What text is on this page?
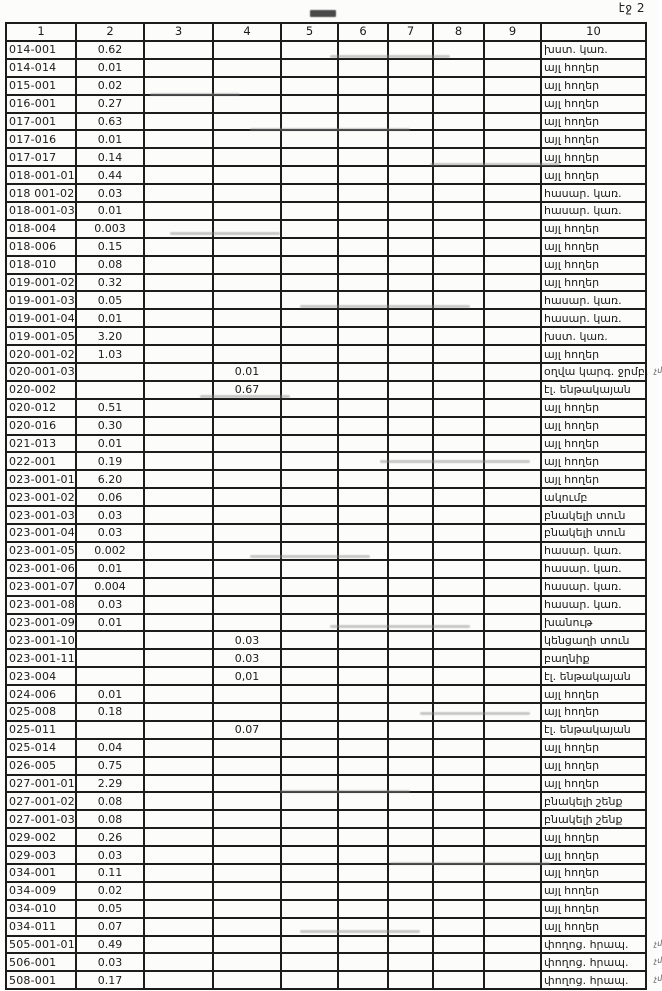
էջ 2
1	2	3	4	5	6	7	8	9	10
014-001	0.62								խստ. կառ.

014-014	0.01								այլ հողեր

015-001	0.02								այլ հողեր

016-001	0.27								այլ հողեր

017-001	0.63								այլ հողեր

017-016	0.01								այլ հողեր

017-017	0.14								այլ հողեր

018-001-01	0.44								այլ հողեր

018 001-02	0.03								հասար. կառ.

018-001-03	0.01								հասար. կառ.

018-004	0.003								այլ հողեր

018-006	0.15								այլ հողեր

018-010	0.08								այլ հողեր

019-001-02	0.32								այլ հողեր

019-001-03	0.05								հասար. կառ.

019-001-04	0.01								հասար. կառ.

019-001-05	3.20								խստ. կառ.

020-001-02	1.03								այլ հողեր

020-001-03			0.01						օղվա կարգ. ջրմբ. չմ

020-002			0.67						էլ. ենթակայան

020-012	0.51								այլ հողեր

020-016	0.30								այլ հողեր

021-013	0.01								այլ հողեր

022-001	0.19								այլ հողեր

023-001-01	6.20								այլ հողեր

023-001-02	0.06								ակումբ

023-001-03	0.03								բնակելի տուն

023-001-04	0.03								բնակելի տուն

023-001-05	0.002								հասար. կառ.

023-001-06	0.01								հասար. կառ.

023-001-07	0.004								հասար. կառ.

023-001-08	0.03								հասար. կառ.

023-001-09	0.01								խանութ

023-001-10			0.03						կենցաղի տուն

023-001-11			0.03						բաղնիք

023-004			0,01						էլ. ենթակայան

024-006	0.01								այլ հողեր

025-008	0.18								այլ հողեր

025-011			0.07						էլ. ենթակայան

025-014	0.04								այլ հողեր

026-005	0.75								այլ հողեր

027-001-01	2.29								այլ հողեր

027-001-02	0.08								բնակելի շենք

027-001-03	0.08								բնակելի շենք

029-002	0.26								այլ հողեր

029-003	0.03								այլ հողեր

034-001	0.11								այլ հողեր

034-009	0.02								այլ հողեր

034-010	0.05								այլ հողեր

034-011	0.07								այլ հողեր

505-001-01	0.49								փողոց. հրապ. չմ

506-001	0.03								փողոց. հրապ. չմ

508-001	0.17								փողոց. հրապ. չմ
